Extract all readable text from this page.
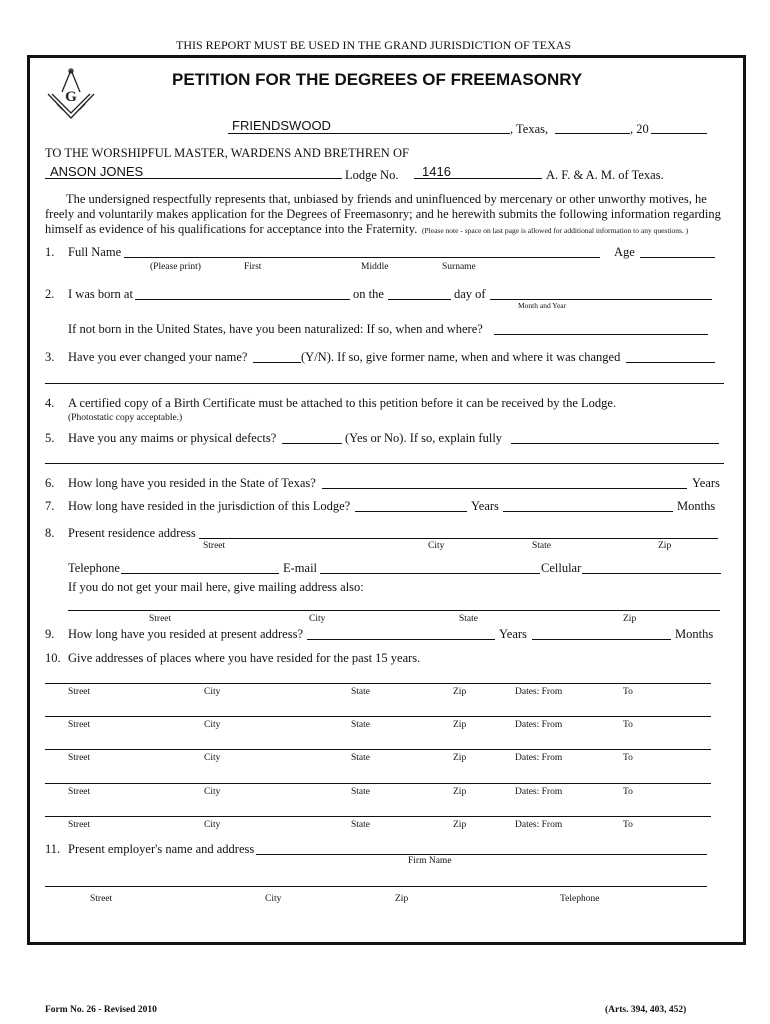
THIS REPORT MUST BE USED IN THE GRAND JURISDICTION OF TEXAS
G
PETITION FOR THE DEGREES OF FREEMASONRY
FRIENDSWOOD	, Texas,	, 20
TO THE WORSHIPFUL MASTER, WARDENS AND BRETHREN OF
ANSON JONES	Lodge No. 1416	A. F. & A. M. of Texas.
The undersigned respectfully represents that, unbiased by friends and uninfluenced by mercenary or other unworthy motives, he
freely and voluntarily makes application for the Degrees of Freemasonry; and he herewith submits the following information regarding
himself as evidence of his qualifications for acceptance into the Fraternity. (Please note - space on last page is allowed for additional information to any questions. )
1. Full Name	Age
(Please print)	First	Middle	Surname
2. I was born at	on the	day of
Month and Year
If not born in the United States, have you been naturalized: If so, when and where?
3. Have you ever changed your name?	(Y/N). If so, give former name, when and where it was changed
4. A certified copy of a Birth Certificate must be attached to this petition before it can be received by the Lodge.
(Photostatic copy acceptable.)
5. Have you any maims or physical defects?	(Yes or No). If so, explain fully
6. How long have you resided in the State of Texas?	Years
7. How long have resided in the jurisdiction of this Lodge?	Years	Months
8. Present residence address
Street	City	State	Zip
Telephone	E-mail	Cellular
If you do not get your mail here, give mailing address also:
Street	City	State	Zip
9. How long have you resided at present address?	Years	Months
10. Give addresses of places where you have resided for the past 15 years.
Street	City	State	Zip	Dates: From	To
Street	City	State	Zip	Dates: From	To
Street	City	State	Zip	Dates: From	To
Street	City	State	Zip	Dates: From	To
Street	City	State	Zip	Dates: From	To
11. Present employer's name and address
Firm Name
Street	City	Zip	Telephone
Form No. 26 - Revised 2010	(Arts. 394, 403, 452)
